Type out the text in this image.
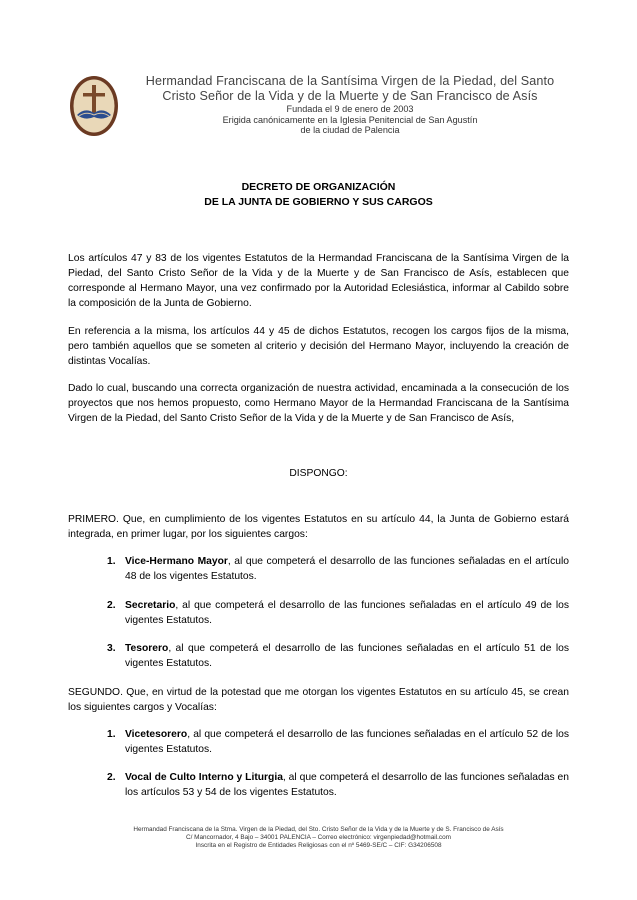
Hermandad Franciscana de la Santísima Virgen de la Piedad, del Santo
Cristo Señor de la Vida y de la Muerte y de San Francisco de Asís
Fundada el 9 de enero de 2003
Erigida canónicamente en la Iglesia Penitencial de San Agustín
de la ciudad de Palencia
DECRETO DE ORGANIZACIÓN
DE LA JUNTA DE GOBIERNO Y SUS CARGOS
Los artículos 47 y 83 de los vigentes Estatutos de la Hermandad Franciscana de la Santísima Virgen de la Piedad, del Santo Cristo Señor de la Vida y de la Muerte y de San Francisco de Asís, establecen que corresponde al Hermano Mayor, una vez confirmado por la Autoridad Eclesiástica, informar al Cabildo sobre la composición de la Junta de Gobierno.
En referencia a la misma, los artículos 44 y 45 de dichos Estatutos, recogen los cargos fijos de la misma, pero también aquellos que se someten al criterio y decisión del Hermano Mayor, incluyendo la creación de distintas Vocalías.
Dado lo cual, buscando una correcta organización de nuestra actividad, encaminada a la consecución de los proyectos que nos hemos propuesto, como Hermano Mayor de la Hermandad Franciscana de la Santísima Virgen de la Piedad, del Santo Cristo Señor de la Vida y de la Muerte y de San Francisco de Asís,
DISPONGO:
PRIMERO. Que, en cumplimiento de los vigentes Estatutos en su artículo 44, la Junta de Gobierno estará integrada, en primer lugar, por los siguientes cargos:
1. Vice-Hermano Mayor, al que competerá el desarrollo de las funciones señaladas en el artículo 48 de los vigentes Estatutos.
2. Secretario, al que competerá el desarrollo de las funciones señaladas en el artículo 49 de los vigentes Estatutos.
3. Tesorero, al que competerá el desarrollo de las funciones señaladas en el artículo 51 de los vigentes Estatutos.
SEGUNDO. Que, en virtud de la potestad que me otorgan los vigentes Estatutos en su artículo 45, se crean los siguientes cargos y Vocalías:
1. Vicetesorero, al que competerá el desarrollo de las funciones señaladas en el artículo 52 de los vigentes Estatutos.
2. Vocal de Culto Interno y Liturgia, al que competerá el desarrollo de las funciones señaladas en los artículos 53 y 54 de los vigentes Estatutos.
Hermandad Franciscana de la Stma. Virgen de la Piedad, del Sto. Cristo Señor de la Vida y de la Muerte y de S. Francisco de Asís
C/ Mancornador, 4 Bajo – 34001 PALENCIA – Correo electrónico: virgenpiedad@hotmail.com
Inscrita en el Registro de Entidades Religiosas con el nº 5469-SE/C – CIF: G34206508
